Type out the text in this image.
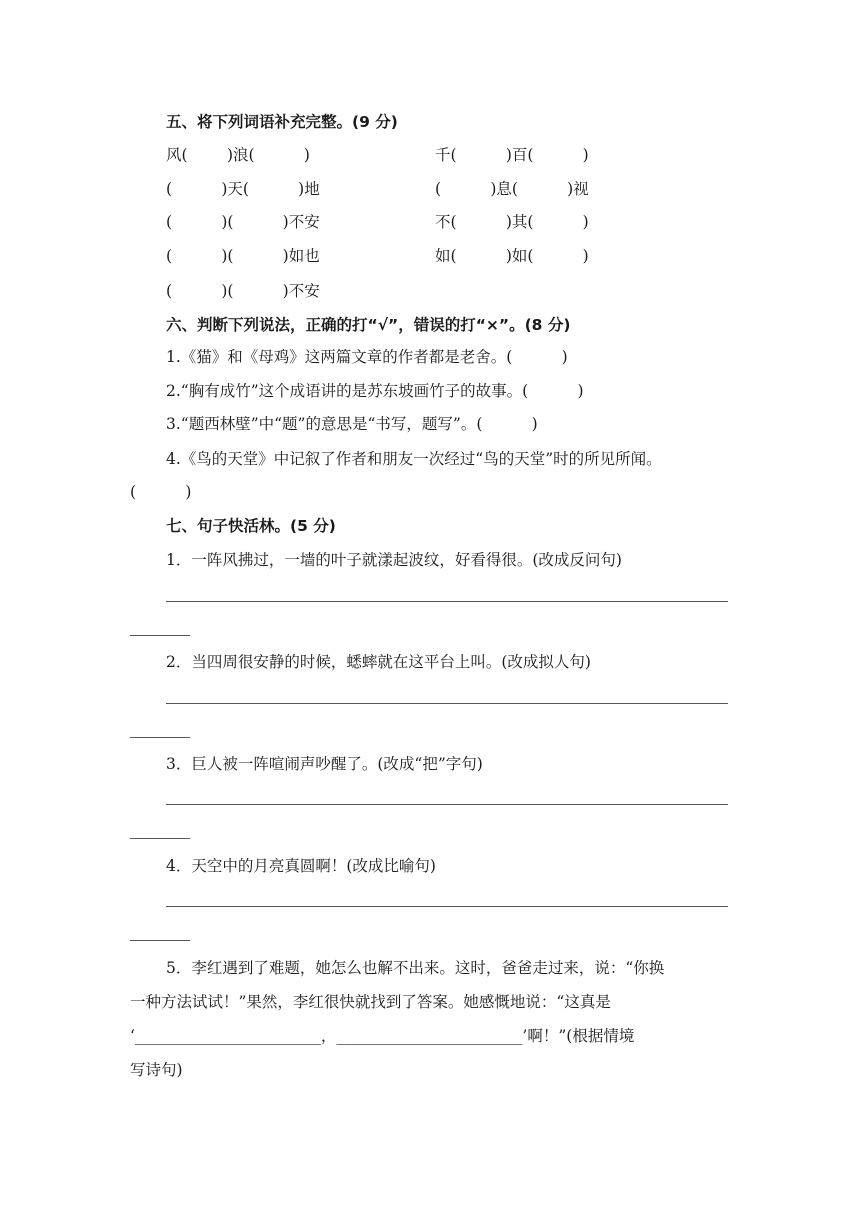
五、将下列词语补充完整。(9 分)
风(        )浪(          )	千(          )百(          )
(          )天(          )地	(          )息(          )视
(          )(          )不安	不(          )其(          )
(          )(          )如也	如(          )如(          )
(          )(          )不安
六、判断下列说法，正确的打“√”，错误的打“×”。(8 分)
1.《猫》和《母鸡》这两篇文章的作者都是老舍。(          )
2.“胸有成竹”这个成语讲的是苏东坡画竹子的故事。(          )
3.“题西林壁”中“题”的意思是“书写，题写”。(          )
4.《鸟的天堂》中记叙了作者和朋友一次经过“鸟的天堂”时的所见所闻。
(          )
七、句子快活林。(5 分)
1．一阵风拂过，一墙的叶子就漾起波纹，好看得很。(改成反问句)
2．当四周很安静的时候，蟋蟀就在这平台上叫。(改成拟人句)
3．巨人被一阵喧闹声吵醒了。(改成“把”字句)
4．天空中的月亮真圆啊！(改成比喻句)
5．李红遇到了难题，她怎么也解不出来。这时，爸爸走过来，说：“你换
一种方法试试！”果然，李红很快就找到了答案。她感慨地说：“这真是
‘________________________，________________________’啊！”(根据情境
写诗句)
